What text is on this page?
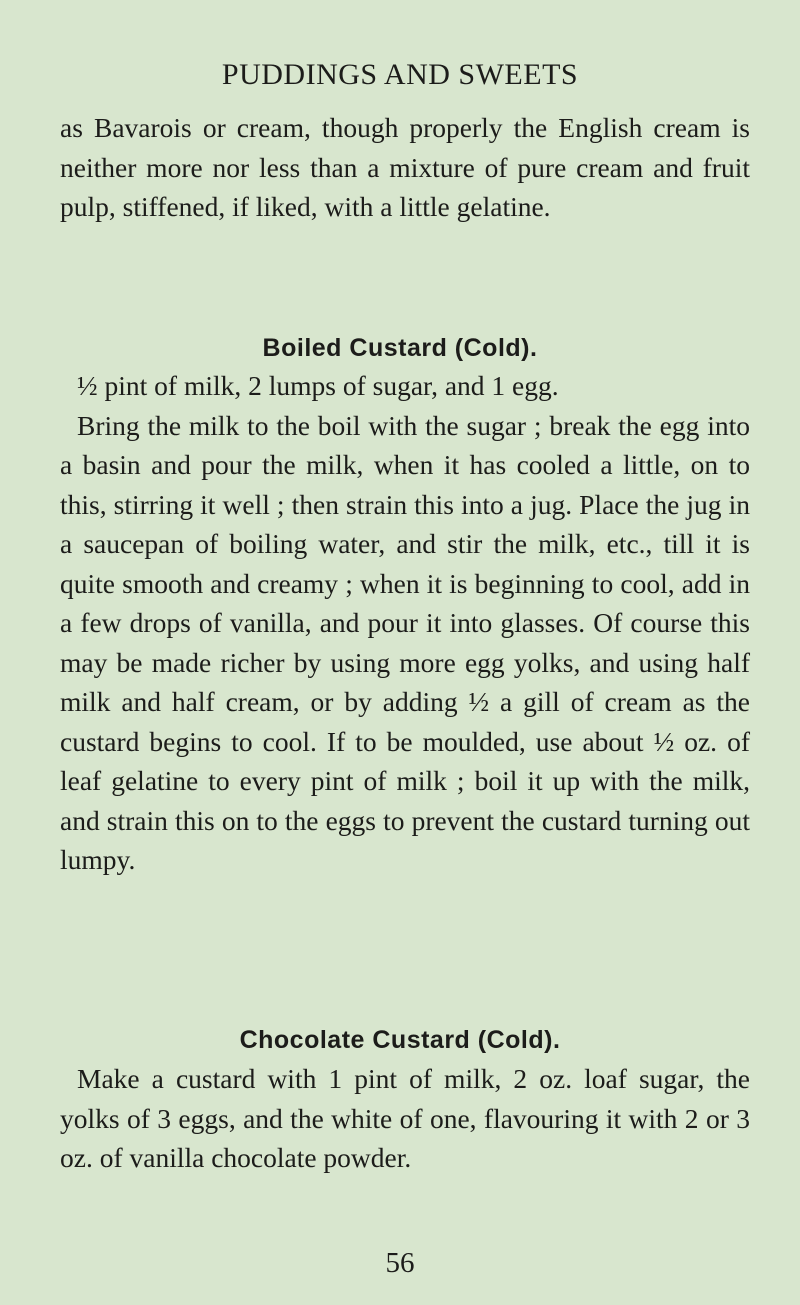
PUDDINGS AND SWEETS

as Bavarois or cream, though properly the English cream is neither more nor less than a mixture of pure cream and fruit pulp, stiffened, if liked, with a little gelatine.

Boiled Custard (Cold).

½ pint of milk, 2 lumps of sugar, and 1 egg.

Bring the milk to the boil with the sugar ; break the egg into a basin and pour the milk, when it has cooled a little, on to this, stirring it well ; then strain this into a jug. Place the jug in a saucepan of boiling water, and stir the milk, etc., till it is quite smooth and creamy ; when it is beginning to cool, add in a few drops of vanilla, and pour it into glasses. Of course this may be made richer by using more egg yolks, and using half milk and half cream, or by adding ½ a gill of cream as the custard begins to cool. If to be moulded, use about ½ oz. of leaf gelatine to every pint of milk ; boil it up with the milk, and strain this on to the eggs to prevent the custard turning out lumpy.

Chocolate Custard (Cold).

Make a custard with 1 pint of milk, 2 oz. loaf sugar, the yolks of 3 eggs, and the white of one, flavouring it with 2 or 3 oz. of vanilla chocolate powder.

56
